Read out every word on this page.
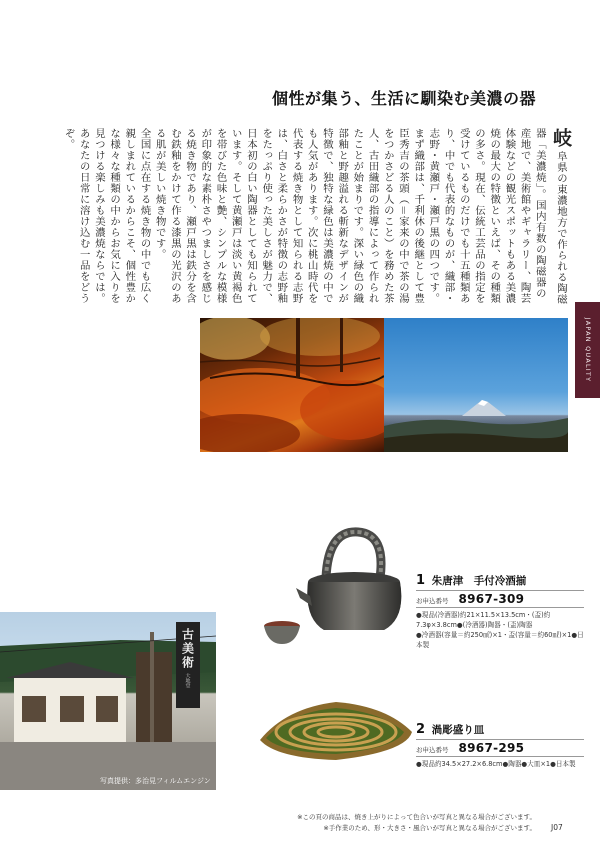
個性が集う、生活に馴染む美濃の器
JAPAN QUALITY

岐阜県の東濃地方で作られる陶磁器「美濃焼」。国内有数の陶磁器の産地で、美術館やギャラリー、陶芸体験などの観光スポットもある美濃焼の最大の特徴といえば、その種類の多さ。現在、伝統工芸品の指定を受けているものだけでも十五種類あり、中でも代表的なものが、織部・志野・黄瀬戸・瀬戸黒の四つです。

まず織部は、千利休の後継として豊臣秀吉の茶頭（＝家来の中で茶の湯をつかさどる人のこと）を務めた茶人、古田織部の指導によって作られたことが始まりです。深い緑色の織部釉と野趣溢れる斬新なデザインが特徴で、独特な緑色は美濃焼の中でも人気があります。次に桃山時代を代表する焼き物として知られる志野は、白さと柔らかさが特徴の志野釉をたっぷり使った美しさが魅力で、日本初の白い陶器としても知られています。そして黄瀬戸は淡い黄褐色を帯びた色味と艶、シンプルな模様が印象的な素朴さやつましさを感じる焼き物であり、瀬戸黒は鉄分を含む鉄釉をかけて作る漆黒の光沢のある肌が美しい焼き物です。

全国に点在する焼き物の中でも広く親しまれているからこそ、個性豊かな様々な種類の中からお気に入りを見つける楽しみも美濃焼ならでは。あなたの日常に溶け込む一品をどうぞ。

1 朱唐津　手付冷酒揃
お申込番号 8967-309
●現品(冷酒器)約21×11.5×13.5cm・(盃)約7.3φ×3.8cm●(冷酒器)陶器・(盃)陶器
●冷酒器(容量＝約250㎖)×1・盃(容量＝約60㎖)×1●日本製
2 渦彫盛り皿
お申込番号 8967-295
●現品約34.5×27.2×6.8cm●陶器●大皿×1●日本製
古美術
大地堂
写真提供：多治見フィルムエンジン
※この頁の商品は、焼き上がりによって色合いが写真と異なる場合がございます。
※手作業のため、形・大きさ・風合いが写真と異なる場合がございます。 J07
